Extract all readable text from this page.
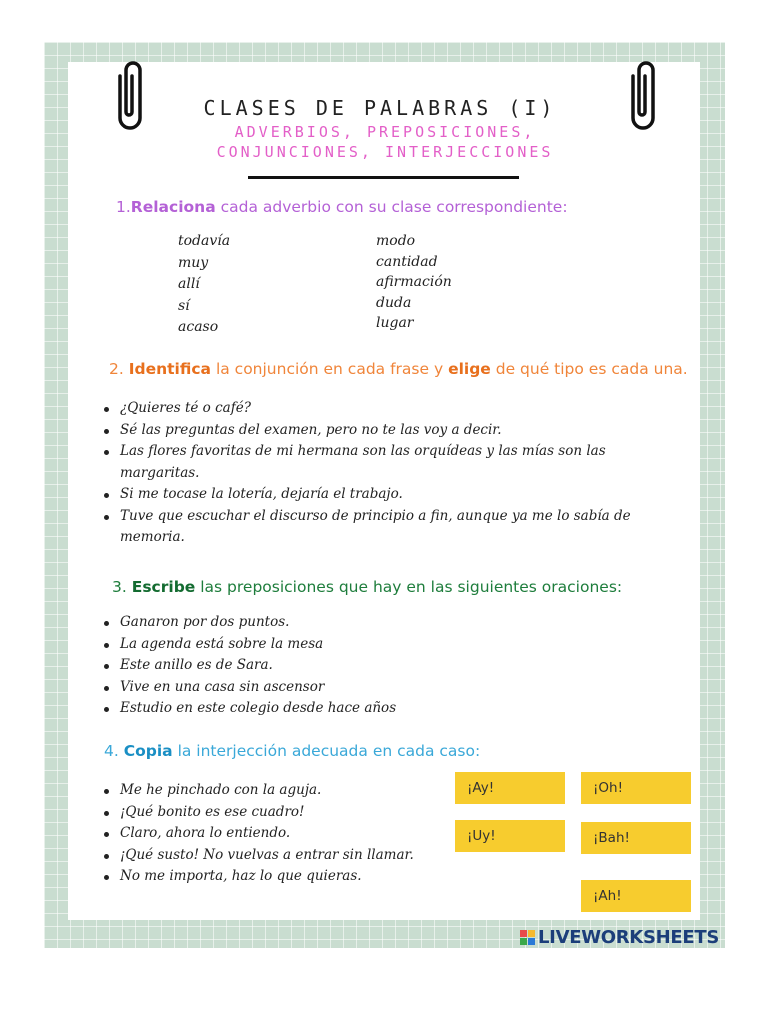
CLASES DE PALABRAS (I)
ADVERBIOS, PREPOSICIONES,
CONJUNCIONES, INTERJECCIONES
1.Relaciona cada adverbio con su clase correspondiente:
todavía
muy
allí
sí
acaso
modo
cantidad
afirmación
duda
lugar
2. Identifica la conjunción en cada frase y elige de qué tipo es cada una.
¿Quieres té o café?
Sé las preguntas del examen, pero no te las voy a decir.
Las flores favoritas de mi hermana son las orquídeas y las mías son las margaritas.
Si me tocase la lotería, dejaría el trabajo.
Tuve que escuchar el discurso de principio a fin, aunque ya me lo sabía de memoria.
3. Escribe las preposiciones que hay en las siguientes oraciones:
Ganaron por dos puntos.
La agenda está sobre la mesa
Este anillo es de Sara.
Vive en una casa sin ascensor
Estudio en este colegio desde hace años
4. Copia la interjección adecuada en cada caso:
Me he pinchado con la aguja.
¡Qué bonito es ese cuadro!
Claro, ahora lo entiendo.
¡Qué susto! No vuelvas a entrar sin llamar.
No me importa, haz lo que quieras.
¡Ay!	¡Oh!
¡Uy!	¡Bah!
¡Ah!
LIVEWORKSHEETS
